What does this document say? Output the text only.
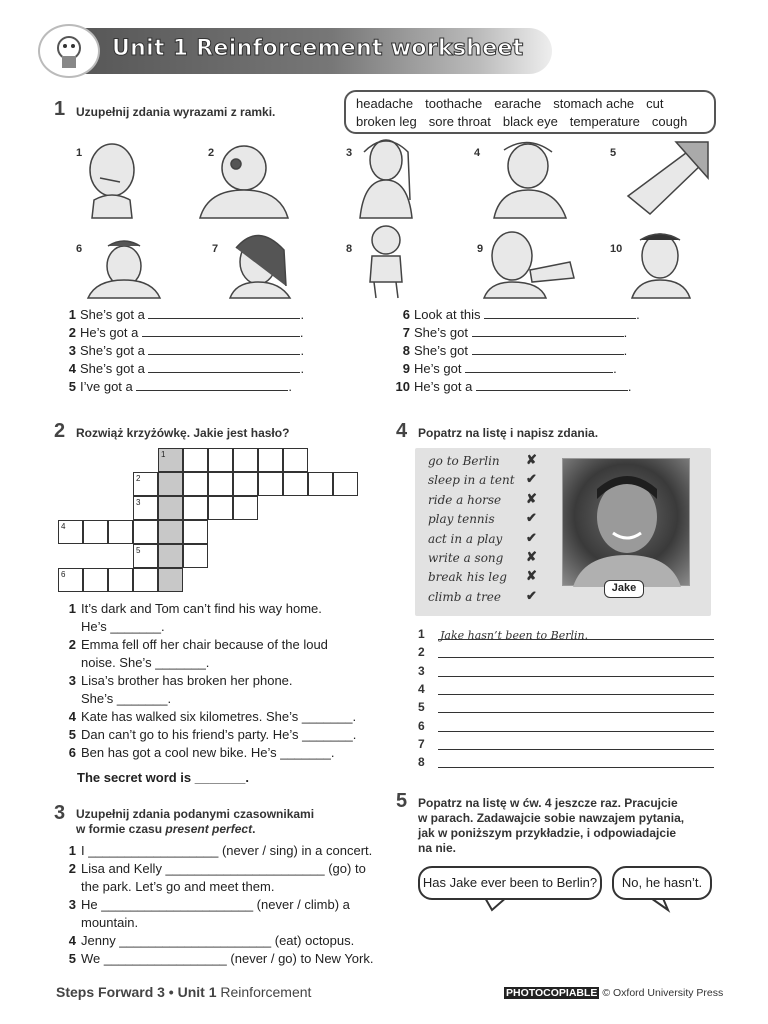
Unit 1 Reinforcement worksheet
1 Uzupełnij zdania wyrazami z ramki.
headache toothache earache stomach ache cut
broken leg sore throat black eye temperature cough
1	2	3	4	5
6	7	8	9	10
1 She’s got a	.
2 He’s got a	.
3 She’s got a	.
4 She’s got a	.
5 I’ve got a	.
6 Look at this	.
7 She’s got	.
8 She’s got	.
9 He’s got	.
10 He’s got a	.
2 Rozwiąż krzyżówkę. Jakie jest hasło?
1
2
3
4
5
6
1 It’s dark and Tom can’t find his way home.
He’s _______.
2 Emma fell off her chair because of the loud
noise. She’s _______.
3 Lisa’s brother has broken her phone.
She’s _______.
4 Kate has walked six kilometres. She’s _______.
5 Dan can’t go to his friend’s party. He’s _______.
6 Ben has got a cool new bike. He’s _______.
The secret word is _______.
3 Uzupełnij zdania podanymi czasownikami
w formie czasu present perfect.
1 I __________________ (never / sing) in a concert.
2 Lisa and Kelly ______________________ (go) to
the park. Let’s go and meet them.
3 He _____________________ (never / climb) a
mountain.
4 Jenny _____________________ (eat) octopus.
5 We _________________ (never / go) to New York.
4 Popatrz na listę i napisz zdania.
go to Berlin ✘
sleep in a tent ✔
ride a horse ✘
play tennis ✔
act in a play ✔
write a song ✘
break his leg ✘
climb a tree ✔	Jake
1 Jake hasn’t been to Berlin.
2
3
4
5
6
7
8
5 Popatrz na listę w ćw. 4 jeszcze raz. Pracujcie
w parach. Zadawajcie sobie nawzajem pytania,
jak w poniższym przykładzie, i odpowiadajcie
na nie.
Has Jake ever been to Berlin?	No, he hasn’t.
Steps Forward 3 • Unit 1 Reinforcement	PHOTOCOPIABLE © Oxford University Press
